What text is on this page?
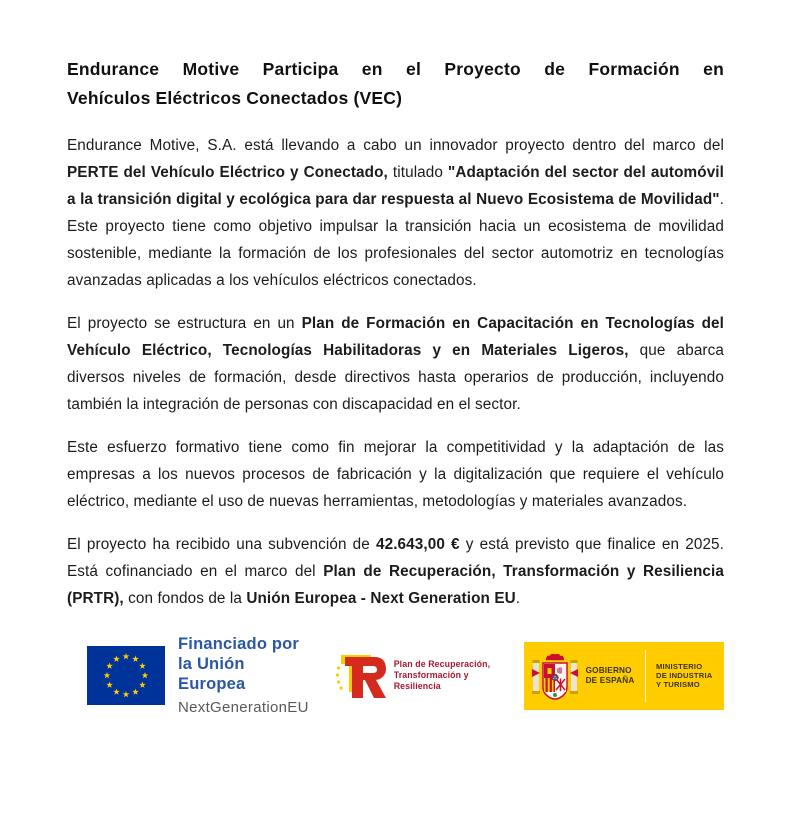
Endurance Motive Participa en el Proyecto de Formación en
Vehículos Eléctricos Conectados (VEC)

Endurance Motive, S.A. está llevando a cabo un innovador proyecto dentro del marco del PERTE del Vehículo Eléctrico y Conectado, titulado "Adaptación del sector del automóvil a la transición digital y ecológica para dar respuesta al Nuevo Ecosistema de Movilidad". Este proyecto tiene como objetivo impulsar la transición hacia un ecosistema de movilidad sostenible, mediante la formación de los profesionales del sector automotriz en tecnologías avanzadas aplicadas a los vehículos eléctricos conectados.

El proyecto se estructura en un Plan de Formación en Capacitación en Tecnologías del Vehículo Eléctrico, Tecnologías Habilitadoras y en Materiales Ligeros, que abarca diversos niveles de formación, desde directivos hasta operarios de producción, incluyendo también la integración de personas con discapacidad en el sector.

Este esfuerzo formativo tiene como fin mejorar la competitividad y la adaptación de las empresas a los nuevos procesos de fabricación y la digitalización que requiere el vehículo eléctrico, mediante el uso de nuevas herramientas, metodologías y materiales avanzados.

El proyecto ha recibido una subvención de 42.643,00 € y está previsto que finalice en 2025. Está cofinanciado en el marco del Plan de Recuperación, Transformación y Resiliencia (PRTR), con fondos de la Unión Europea - Next Generation EU.

Financiado por
la Unión Europea
NextGenerationEU
Plan de Recuperación,
Transformación y Resiliencia
GOBIERNO
DE ESPAÑA
MINISTERIO
DE INDUSTRIA
Y TURISMO
